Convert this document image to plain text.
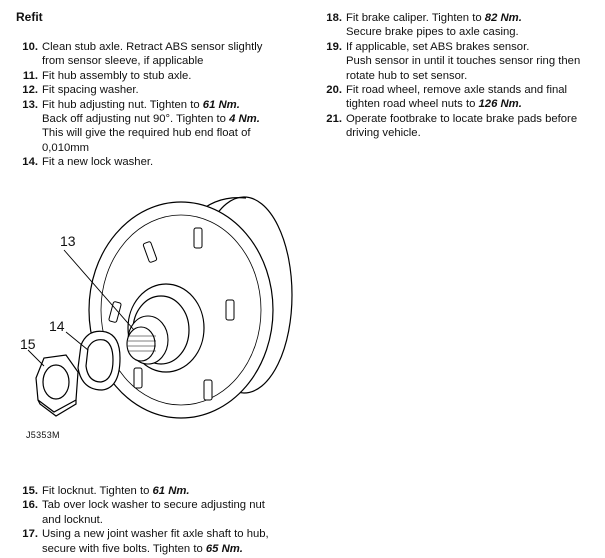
Refit
10. Clean stub axle. Retract ABS sensor slightly
from sensor sleeve, if applicable
11. Fit hub assembly to stub axle.
12. Fit spacing washer.
13. Fit hub adjusting nut. Tighten to 61 Nm.
Back off adjusting nut 90°. Tighten to 4 Nm.
This will give the required hub end float of
0,010mm
14. Fit a new lock washer.
15. Fit locknut. Tighten to 61 Nm.
16. Tab over lock washer to secure adjusting nut
and locknut.
17. Using a new joint washer fit axle shaft to hub,
secure with five bolts. Tighten to 65 Nm.
18. Fit brake caliper. Tighten to 82 Nm.
Secure brake pipes to axle casing.
19. If applicable, set ABS brakes sensor.
Push sensor in until it touches sensor ring then
rotate hub to set sensor.
20. Fit road wheel, remove axle stands and final
tighten road wheel nuts to 126 Nm.
21. Operate footbrake to locate brake pads before
driving vehicle.
13
14
15
J5353M
